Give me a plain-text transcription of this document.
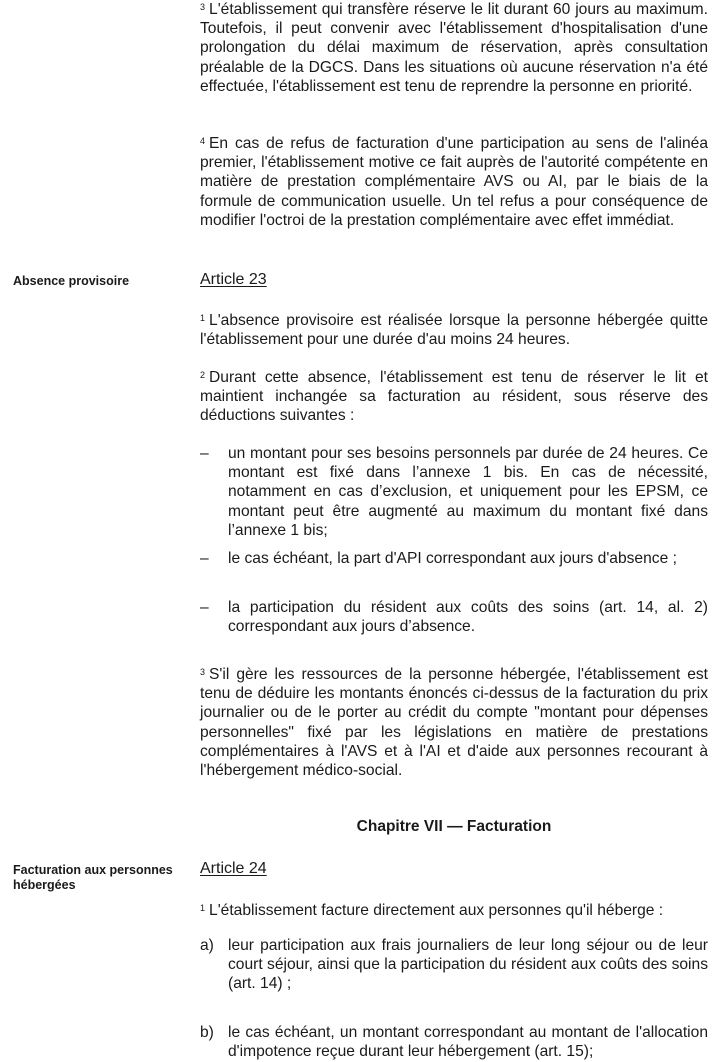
$^3$ L'établissement qui transfère réserve le lit durant 60 jours au maximum. Toutefois, il peut convenir avec l'établissement d'hospitalisation d'une prolongation du délai maximum de réservation, après consultation préalable de la DGCS. Dans les situations où aucune réservation n'a été effectuée, l'établissement est tenu de reprendre la personne en priorité.

$^4$ En cas de refus de facturation d'une participation au sens de l'alinéa premier, l'établissement motive ce fait auprès de l'autorité compétente en matière de prestation complémentaire AVS ou AI, par le biais de la formule de communication usuelle. Un tel refus a pour conséquence de modifier l'octroi de la prestation complémentaire avec effet immédiat.

Absence provisoire	Article 23

$^1$ L'absence provisoire est réalisée lorsque la personne hébergée quitte l'établissement pour une durée d'au moins 24 heures.

$^2$ Durant cette absence, l'établissement est tenu de réserver le lit et maintient inchangée sa facturation au résident, sous réserve des déductions suivantes :

– un montant pour ses besoins personnels par durée de 24 heures. Ce montant est fixé dans l’annexe 1 bis. En cas de nécessité, notamment en cas d’exclusion, et uniquement pour les EPSM, ce montant peut être augmenté au maximum du montant fixé dans l’annexe 1 bis;
– le cas échéant, la part d'API correspondant aux jours d'absence ;
– la participation du résident aux coûts des soins (art. 14, al. 2) correspondant aux jours d’absence.

$^3$ S'il gère les ressources de la personne hébergée, l'établissement est tenu de déduire les montants énoncés ci-dessus de la facturation du prix journalier ou de le porter au crédit du compte "montant pour dépenses personnelles" fixé par les législations en matière de prestations complémentaires à l'AVS et à l'AI et d'aide aux personnes recourant à l'hébergement médico-social.

Chapitre VII — Facturation
Facturation aux personnes hébergées
Article 24

$^1$ L'établissement facture directement aux personnes qu'il héberge :

a) leur participation aux frais journaliers de leur long séjour ou de leur court séjour, ainsi que la participation du résident aux coûts des soins (art. 14) ;
b) le cas échéant, un montant correspondant au montant de l'allocation d'impotence reçue durant leur hébergement (art. 15);
